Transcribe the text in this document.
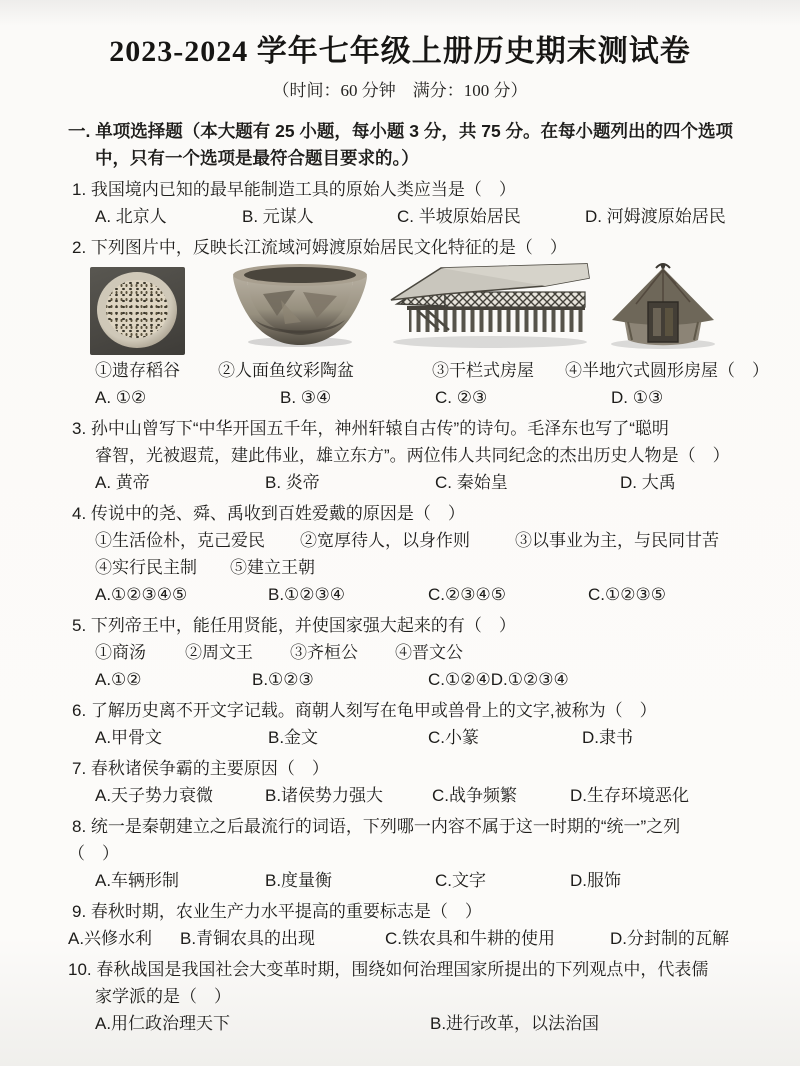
2023-2024 学年七年级上册历史期末测试卷
（时间：60 分钟　满分：100 分）
一. 单项选择题（本大题有 25 小题，每小题 3 分，共 75 分。在每小题列出的四个选项
中，只有一个选项是最符合题目要求的。）
1. 我国境内已知的最早能制造工具的原始人类应当是（　）
A. 北京人	B. 元谋人	C. 半坡原始居民	D. 河姆渡原始居民
2. 下列图片中，反映长江流域河姆渡原始居民文化特征的是（　）
①遗存稻谷	②人面鱼纹彩陶盆	③干栏式房屋	④半地穴式圆形房屋（　）
A. ①②	B. ③④	C. ②③	D. ①③
3. 孙中山曾写下“中华开国五千年，神州轩辕自古传”的诗句。毛泽东也写了“聪明
睿智，光被遐荒，建此伟业，雄立东方”。两位伟人共同纪念的杰出历史人物是（　）
A. 黄帝	B. 炎帝	C. 秦始皇	D. 大禹
4. 传说中的尧、舜、禹收到百姓爱戴的原因是（　）
①生活俭朴，克己爱民	②宽厚待人，以身作则	③以事业为主，与民同甘苦
④实行民主制	⑤建立王朝
A.①②③④⑤	B.①②③④	C.②③④⑤	C.①②③⑤
5. 下列帝王中，能任用贤能，并使国家强大起来的有（　）
①商汤	②周文王	③齐桓公	④晋文公
A.①②	B.①②③	C.①②④ D.①②③④
6. 了解历史离不开文字记载。商朝人刻写在龟甲或兽骨上的文字,被称为（　）
A.甲骨文	B.金文	C.小篆	D.隶书
7. 春秋诸侯争霸的主要原因（　）
A.天子势力衰微	B.诸侯势力强大	C.战争频繁	D.生存环境恶化
8. 统一是秦朝建立之后最流行的词语，下列哪一内容不属于这一时期的“统一”之列
（　）
A.车辆形制	B.度量衡	C.文字	D.服饰
9. 春秋时期，农业生产力水平提高的重要标志是（　）
A.兴修水利	B.青铜农具的出现	C.铁农具和牛耕的使用	D.分封制的瓦解
10. 春秋战国是我国社会大变革时期，围绕如何治理国家所提出的下列观点中，代表儒
家学派的是（　）
A.用仁政治理天下	B.进行改革，以法治国
